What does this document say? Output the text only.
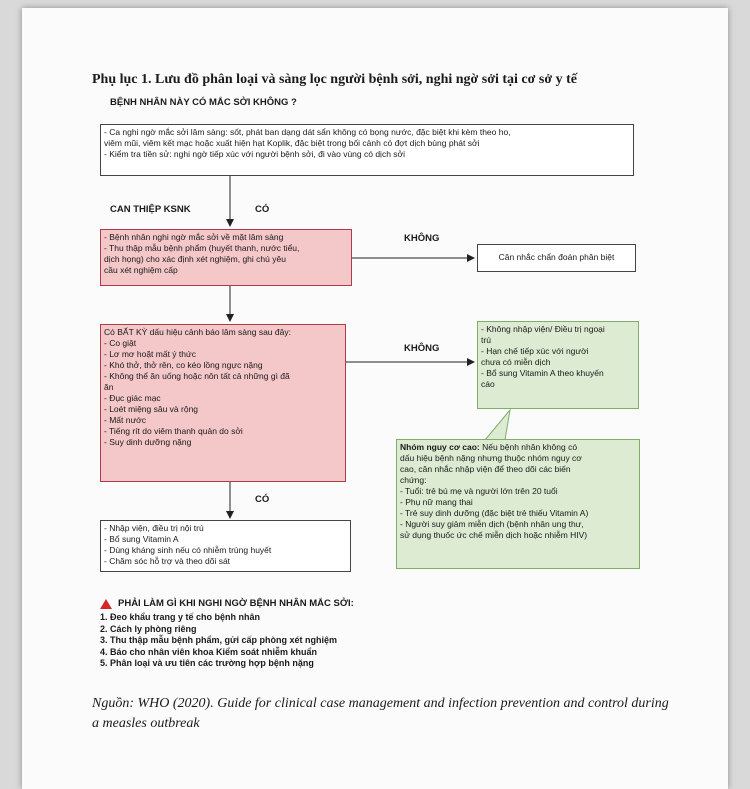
Phụ lục 1. Lưu đồ phân loại và sàng lọc người bệnh sởi, nghi ngờ sởi tại cơ sở y tế
BỆNH NHÂN NÀY CÓ MẮC SỞI KHÔNG ?
- Ca nghi ngờ mắc sởi lâm sàng: sốt, phát ban dạng dát sẩn không có bọng nước, đặc biệt khi kèm theo ho,
viêm mũi, viêm kết mạc hoặc xuất hiện hạt Koplik, đặc biệt trong bối cảnh có đợt dịch bùng phát sởi
- Kiểm tra tiền sử: nghi ngờ tiếp xúc với người bệnh sởi, đi vào vùng có dịch sởi
CAN THIỆP KSNK	CÓ
- Bệnh nhân nghi ngờ mắc sởi về mặt lâm sàng
- Thu thập mẫu bệnh phẩm (huyết thanh, nước tiểu,
dịch họng) cho xác định xét nghiệm, ghi chú yêu
cầu xét nghiệm cấp
KHÔNG
Cân nhắc chẩn đoán phân biệt
Có BẤT KỲ dấu hiệu cảnh báo lâm sàng sau đây:
- Co giật
- Lơ mơ hoặt mất ý thức
- Khó thở, thở rên, co kéo lồng ngực nặng
- Không thể ăn uống hoặc nôn tất cả những gì đã
ăn
- Đục giác mạc
- Loét miệng sâu và rộng
- Mất nước
- Tiếng rít do viêm thanh quản do sởi
- Suy dinh dưỡng nặng
KHÔNG
- Không nhập viện/ Điều trị ngoại
trú
- Hạn chế tiếp xúc với người
chưa có miễn dịch
- Bổ sung Vitamin A theo khuyến
cáo
Nhóm nguy cơ cao: Nếu bệnh nhân không có
dấu hiệu bệnh nặng nhưng thuộc nhóm nguy cơ
cao, cân nhắc nhập viện để theo dõi các biến
chứng:
- Tuổi: trẻ bú mẹ và người lớn trên 20 tuổi
- Phụ nữ mang thai
- Trẻ suy dinh dưỡng (đặc biệt trẻ thiếu Vitamin A)
- Người suy giảm miễn dịch (bệnh nhân ung thư,
sử dụng thuốc ức chế miễn dịch hoặc nhiễm HIV)
CÓ
- Nhập viện, điều trị nội trú
- Bổ sung Vitamin A
- Dùng kháng sinh nếu có nhiễm trùng huyết
- Chăm sóc hỗ trợ và theo dõi sát
PHẢI LÀM GÌ KHI NGHI NGỜ BỆNH NHÂN MẮC SỞI:
1. Đeo khẩu trang y tế cho bệnh nhân
2. Cách ly phòng riêng
3. Thu thập mẫu bệnh phẩm, gửi cấp phòng xét nghiệm
4. Báo cho nhân viên khoa Kiểm soát nhiễm khuẩn
5. Phân loại và ưu tiên các trường hợp bệnh nặng
Nguồn: WHO (2020). Guide for clinical case management and infection prevention and control during a measles outbreak
